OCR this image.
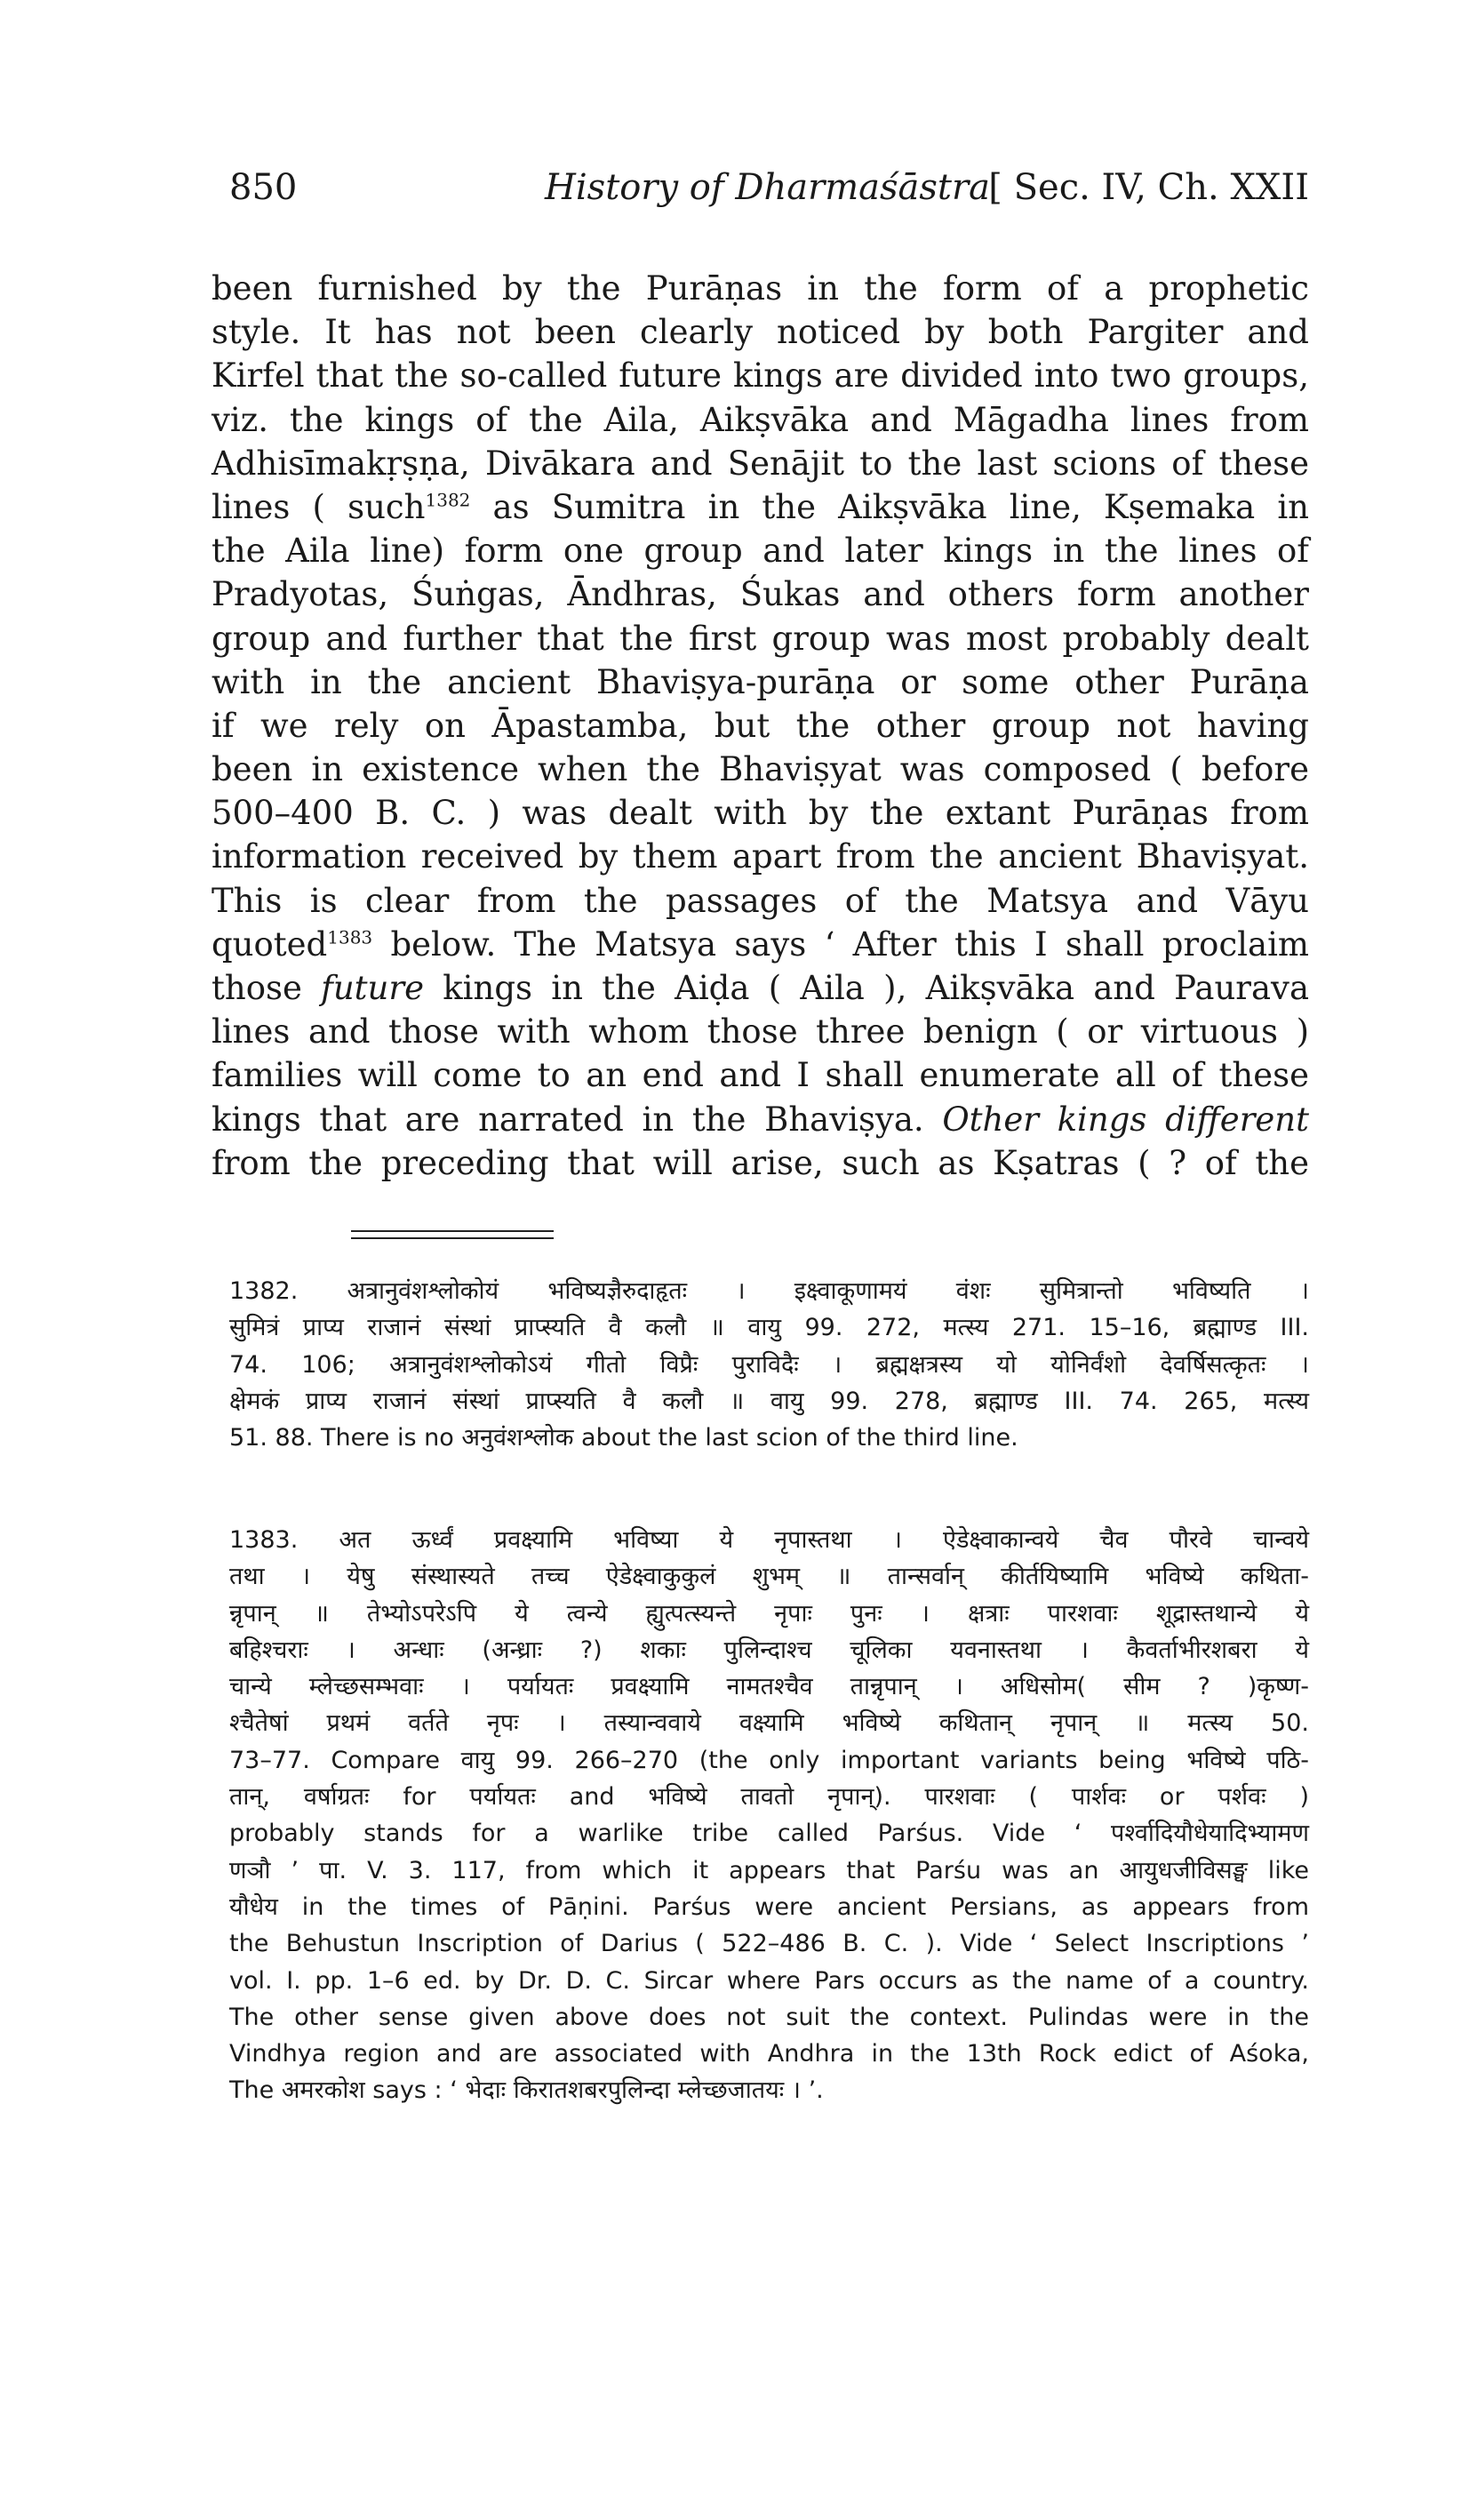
850	History of Dharmaśāstra
[ Sec. IV, Ch. XXII
been furnished by the Purāṇas in the form of a prophetic
style. It has not been clearly noticed by both Pargiter and
Kirfel that the so-called future kings are divided into two groups,
viz. the kings of the Aila, Aikṣvāka and Māgadha lines from
Adhisīmakṛṣṇa, Divākara and Senājit to the last scions of these
lines ( such$^{1382}$ as Sumitra in the Aikṣvāka line, Kṣemaka in
the Aila line) form one group and later kings in the lines of
Pradyotas, Śuṅgas, Āndhras, Śukas and others form another
group and further that the first group was most probably dealt
with in the ancient Bhaviṣya-purāṇa or some other Purāṇa
if we rely on Āpastamba, but the other group not having
been in existence when the Bhaviṣyat was composed ( before
500–400 B. C. ) was dealt with by the extant Purāṇas from
information received by them apart from the ancient Bhaviṣyat.
This is clear from the passages of the Matsya and Vāyu
quoted$^{1383}$ below. The Matsya says ‘ After this I shall proclaim
those future kings in the Aiḍa ( Aila ), Aikṣvāka and Paurava
lines and those with whom those three benign ( or virtuous )
families will come to an end and I shall enumerate all of these
kings that are narrated in the Bhaviṣya. Other kings different
from the preceding that will arise, such as Kṣatras ( ? of the
1382. अत्रानुवंशश्लोकोयं भविष्यज्ञैरुदाहृतः । इक्ष्वाकूणामयं वंशः सुमित्रान्तो भविष्यति ।
सुमित्रं प्राप्य राजानं संस्थां प्राप्स्यति वै कलौ ॥ वायु 99. 272, मत्स्य 271. 15–16, ब्रह्माण्ड III.
74. 106; अत्रानुवंशश्लोकोऽयं गीतो विप्रैः पुराविदैः । ब्रह्मक्षत्रस्य यो योनिर्वंशो देवर्षिसत्कृतः ।
क्षेमकं प्राप्य राजानं संस्थां प्राप्स्यति वै कलौ ॥ वायु 99. 278, ब्रह्माण्ड III. 74. 265, मत्स्य
51. 88. There is no अनुवंशश्लोक about the last scion of the third line.
1383. अत ऊर्ध्वं प्रवक्ष्यामि भविष्या ये नृपास्तथा । ऐडेक्ष्वाकान्वये चैव पौरवे चान्वये
तथा । येषु संस्थास्यते तच्च ऐडेक्ष्वाकुकुलं शुभम् ॥ तान्सर्वान् कीर्तयिष्यामि भविष्ये कथिता-
न्नृपान् ॥ तेभ्योऽपरेऽपि ये त्वन्ये ह्युत्पत्स्यन्ते नृपाः पुनः । क्षत्राः पारशवाः शूद्रास्तथान्ये ये
बहिश्चराः । अन्धाः (अन्ध्राः ?) शकाः पुलिन्दाश्च चूलिका यवनास्तथा । कैवर्ताभीरशबरा ये
चान्ये म्लेच्छसम्भवाः । पर्यायतः प्रवक्ष्यामि नामतश्चैव तान्नृपान् । अधिसोम( सीम ? )कृष्ण-
श्चैतेषां प्रथमं वर्तते नृपः । तस्यान्ववाये वक्ष्यामि भविष्ये कथितान् नृपान् ॥ मत्स्य 50.
73–77. Compare वायु 99. 266–270 (the only important variants being भविष्ये पठि-
तान्, वर्षाग्रतः for पर्यायतः and भविष्ये तावतो नृपान्). पारशवाः ( पार्शवः or पर्शवः )
probably stands for a warlike tribe called Parśus. Vide ‘ पर्श्वादियौधेयादिभ्यामण
णञौ ’ पा. V. 3. 117, from which it appears that Parśu was an आयुधजीविसङ्घ like
यौधेय in the times of Pāṇini. Parśus were ancient Persians, as appears from
the Behustun Inscription of Darius ( 522–486 B. C. ). Vide ‘ Select Inscriptions ’
vol. I. pp. 1–6 ed. by Dr. D. C. Sircar where Pars occurs as the name of a country.
The other sense given above does not suit the context. Pulindas were in the
Vindhya region and are associated with Andhra in the 13th Rock edict of Aśoka,
The अमरकोश says : ‘ भेदाः किरातशबरपुलिन्दा म्लेच्छजातयः । ’.
